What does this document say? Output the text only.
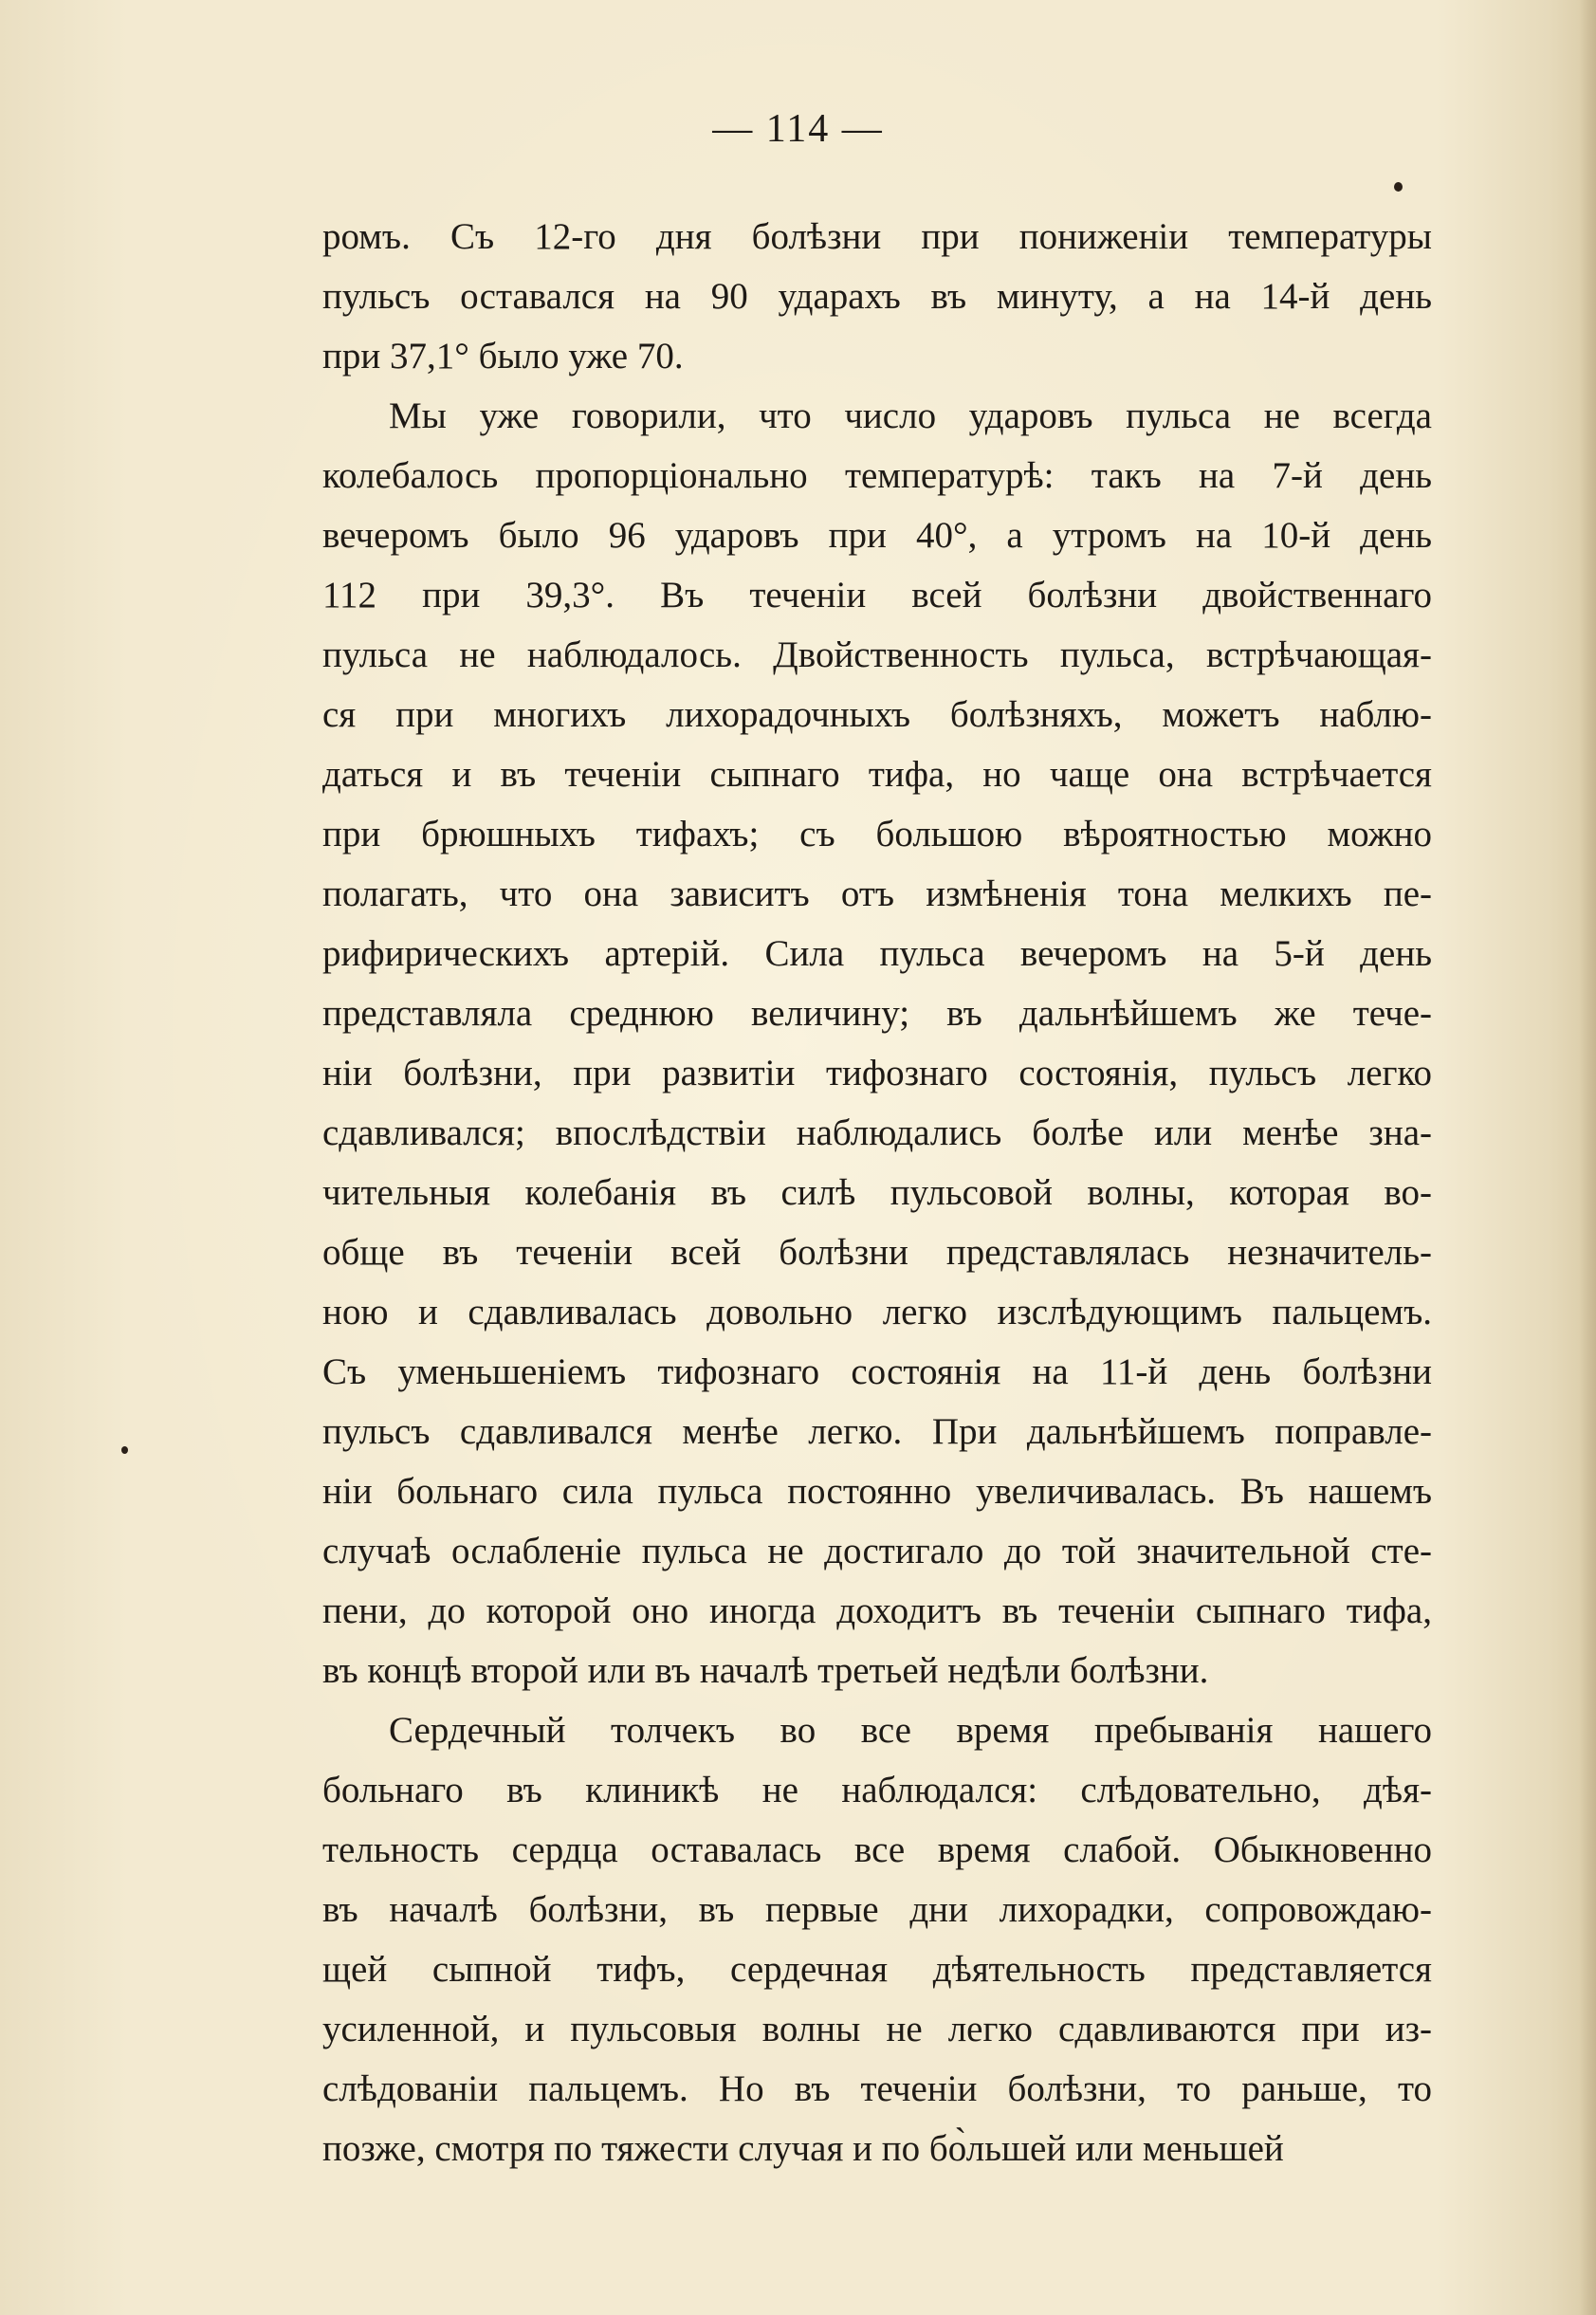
— 114 —
ромъ. Съ 12-го дня болѣзни при пониженіи температуры
пульсъ оставался на 90 ударахъ въ минуту, а на 14-й день
при 37,1° было уже 70.
Мы уже говорили, что число ударовъ пульса не всегда
колебалось пропорціонально температурѣ: такъ на 7-й день
вечеромъ было 96 ударовъ при 40°, а утромъ на 10-й день
112 при 39,3°. Въ теченіи всей болѣзни двойственнаго
пульса не наблюдалось. Двойственность пульса, встрѣчающая-
ся при многихъ лихорадочныхъ болѣзняхъ, можетъ наблю-
даться и въ теченіи сыпнаго тифа, но чаще она встрѣчается
при брюшныхъ тифахъ; съ большою вѣроятностью можно
полагать, что она зависитъ отъ измѣненія тона мелкихъ пе-
рифирическихъ артерій. Сила пульса вечеромъ на 5-й день
представляла среднюю величину; въ дальнѣйшемъ же тече-
ніи болѣзни, при развитіи тифознаго состоянія, пульсъ легко
сдавливался; впослѣдствіи наблюдались болѣе или менѣе зна-
чительныя колебанія въ силѣ пульсовой волны, которая во-
обще въ теченіи всей болѣзни представлялась незначитель-
ною и сдавливалась довольно легко изслѣдующимъ пальцемъ.
Съ уменьшеніемъ тифознаго состоянія на 11-й день болѣзни
пульсъ сдавливался менѣе легко. При дальнѣйшемъ поправле-
ніи больнаго сила пульса постоянно увеличивалась. Въ нашемъ
случаѣ ослабленіе пульса не достигало до той значительной сте-
пени, до которой оно иногда доходитъ въ теченіи сыпнаго тифа,
въ концѣ второй или въ началѣ третьей недѣли болѣзни.
Сердечный толчекъ во все время пребыванія нашего
больнаго въ клиникѣ не наблюдался: слѣдовательно, дѣя-
тельность сердца оставалась все время слабой. Обыкновенно
въ началѣ болѣзни, въ первые дни лихорадки, сопровождаю-
щей сыпной тифъ, сердечная дѣятельность представляется
усиленной, и пульсовыя волны не легко сдавливаются при из-
слѣдованіи пальцемъ. Но въ теченіи болѣзни, то раньше, то
позже, смотря по тяжести случая и по бо̀льшей или меньшей
